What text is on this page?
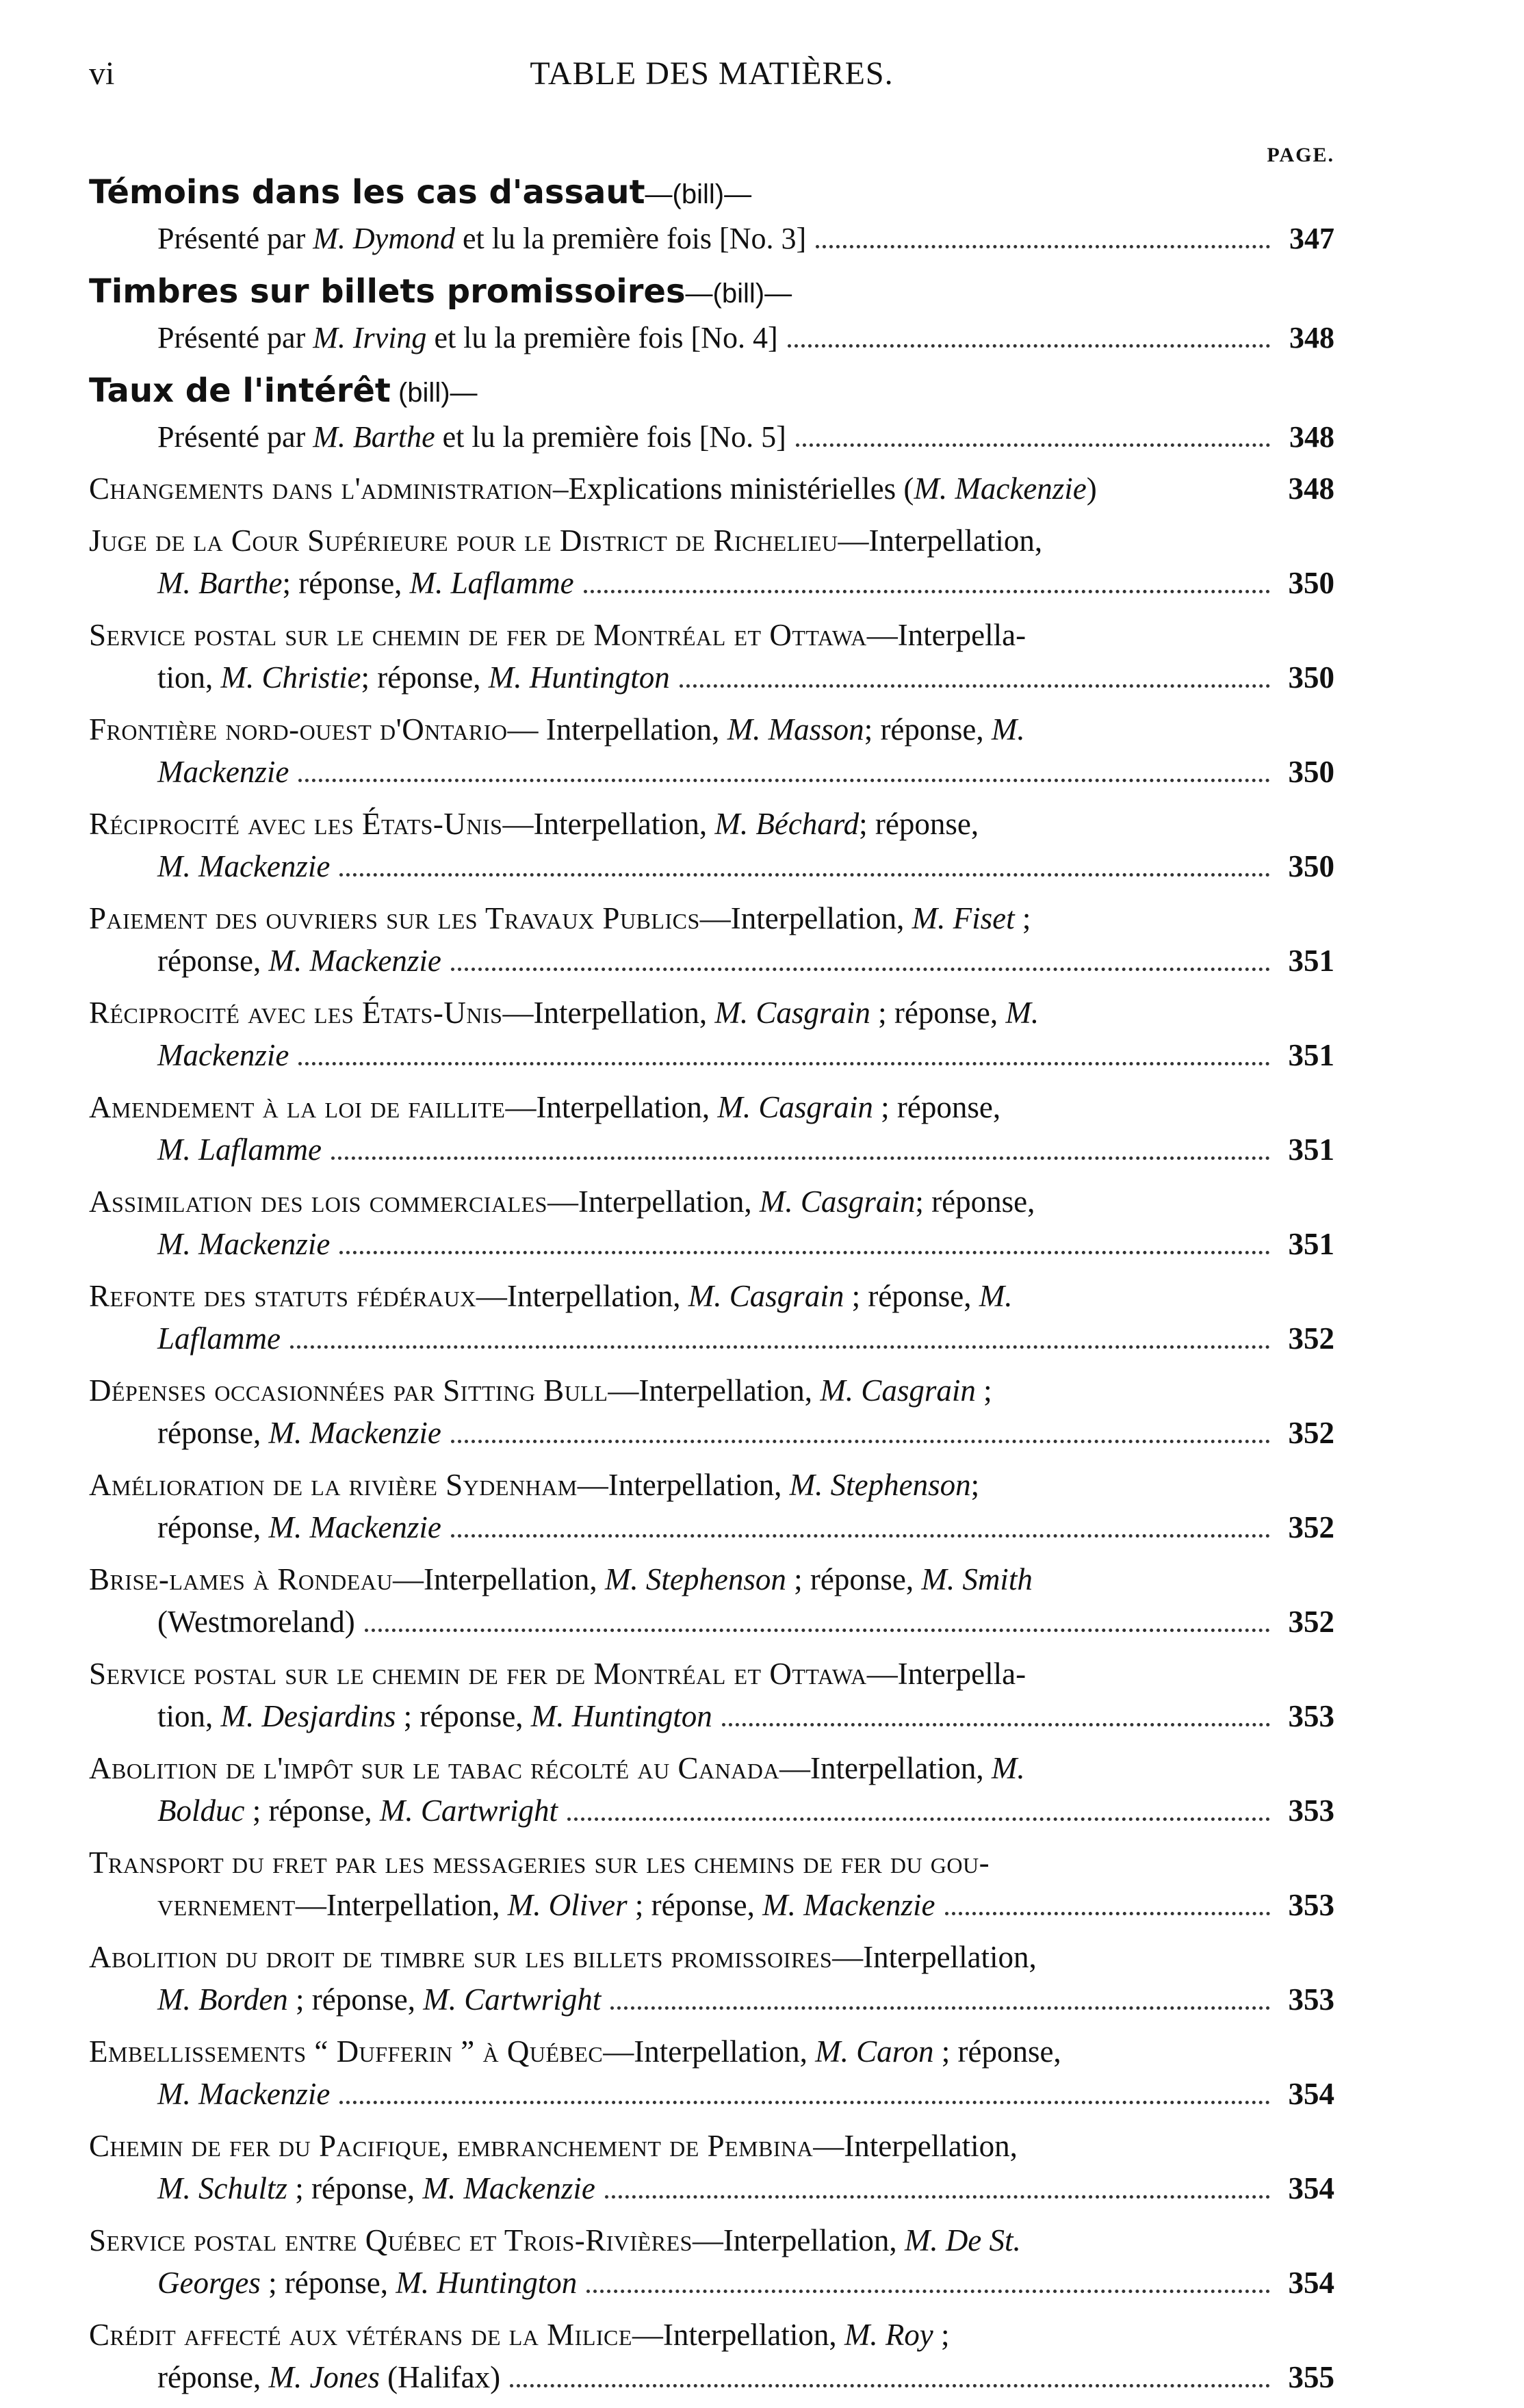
vi	TABLE DES MATIÈRES.
PAGE.
Témoins dans les cas d'assaut—(bill)—
Présenté par M. Dymond et lu la première fois [No. 3]	347
Timbres sur billets promissoires—(bill)—
Présenté par M. Irving et lu la première fois [No. 4]	348
Taux de l'intérêt (bill)—
Présenté par M. Barthe et lu la première fois [No. 5]	348
Changements dans l'administration–Explications ministérielles (M. Mackenzie)	348
Juge de la Cour Supérieure pour le District de Richelieu—Interpellation,
M. Barthe; réponse, M. Laflamme	350
Service postal sur le chemin de fer de Montréal et Ottawa—Interpella-
tion, M. Christie; réponse, M. Huntington	350
Frontière nord-ouest d'Ontario— Interpellation, M. Masson; réponse, M.
Mackenzie	350
Réciprocité avec les États-Unis—Interpellation, M. Béchard; réponse,
M. Mackenzie	350
Paiement des ouvriers sur les Travaux Publics—Interpellation, M. Fiset ;
réponse, M. Mackenzie	351
Réciprocité avec les États-Unis—Interpellation, M. Casgrain ; réponse, M.
Mackenzie	351
Amendement à la loi de faillite—Interpellation, M. Casgrain ; réponse,
M. Laflamme	351
Assimilation des lois commerciales—Interpellation, M. Casgrain; réponse,
M. Mackenzie	351
Refonte des statuts fédéraux—Interpellation, M. Casgrain ; réponse, M.
Laflamme	352
Dépenses occasionnées par Sitting Bull—Interpellation, M. Casgrain ;
réponse, M. Mackenzie	352
Amélioration de la rivière Sydenham—Interpellation, M. Stephenson;
réponse, M. Mackenzie	352
Brise-lames à Rondeau—Interpellation, M. Stephenson ; réponse, M. Smith
(Westmoreland)	352
Service postal sur le chemin de fer de Montréal et Ottawa—Interpella-
tion, M. Desjardins ; réponse, M. Huntington	353
Abolition de l'impôt sur le tabac récolté au Canada—Interpellation, M.
Bolduc ; réponse, M. Cartwright	353
Transport du fret par les messageries sur les chemins de fer du gou-
vernement—Interpellation, M. Oliver ; réponse, M. Mackenzie	353
Abolition du droit de timbre sur les billets promissoires—Interpellation,
M. Borden ; réponse, M. Cartwright	353
Embellissements “ Dufferin ” à Québec—Interpellation, M. Caron ; réponse,
M. Mackenzie	354
Chemin de fer du Pacifique, embranchement de Pembina—Interpellation,
M. Schultz ; réponse, M. Mackenzie	354
Service postal entre Québec et Trois-Rivières—Interpellation, M. De St.
Georges ; réponse, M. Huntington	354
Crédit affecté aux vétérans de la Milice—Interpellation, M. Roy ;
réponse, M. Jones (Halifax)	355
